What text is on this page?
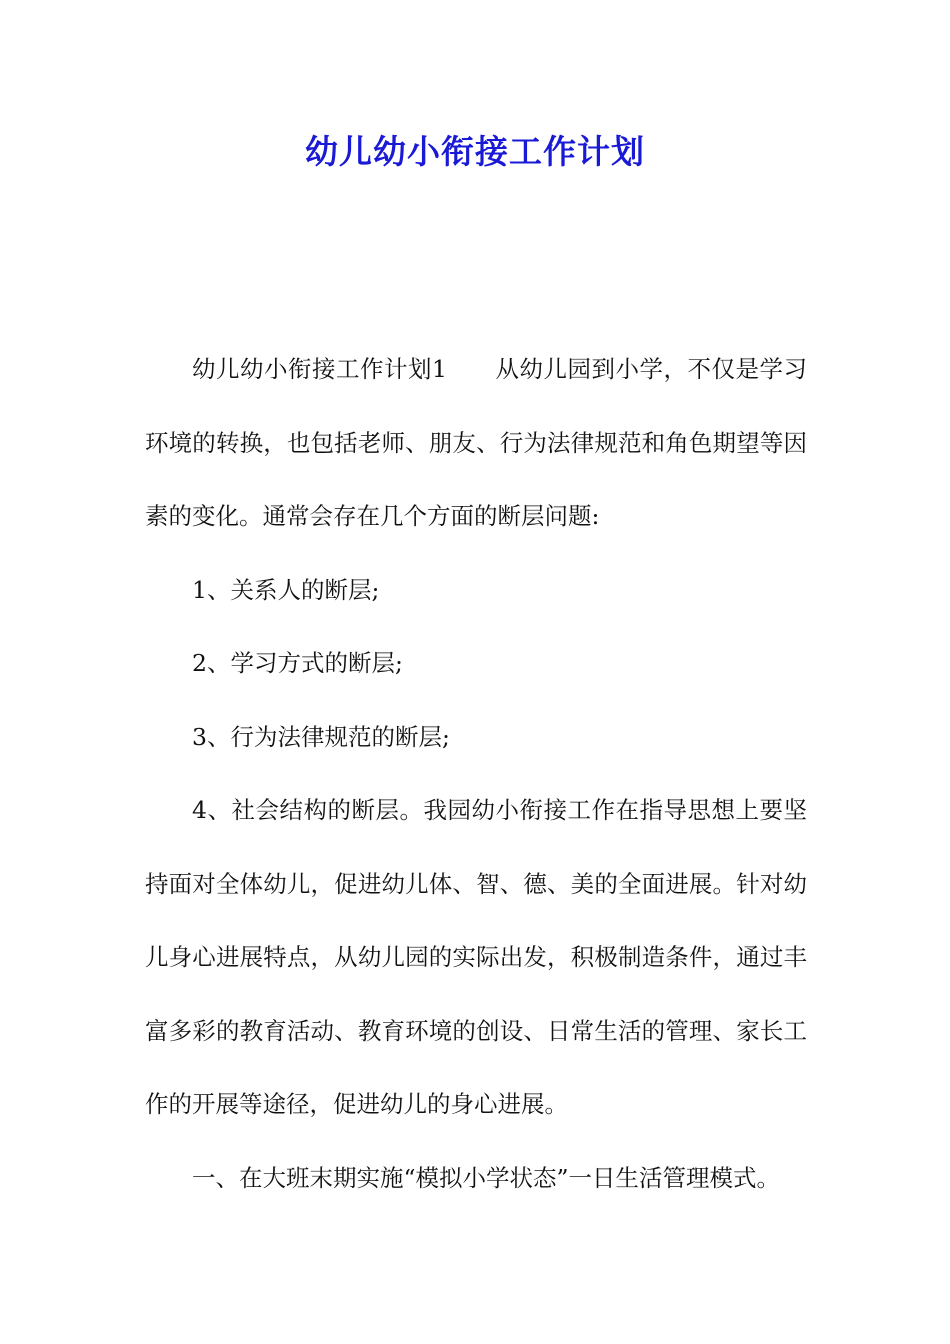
幼儿幼小衔接工作计划

幼儿幼小衔接工作计划1 从幼儿园到小学，不仅是学习环境的转换，也包括老师、朋友、行为法律规范和角色期望等因素的变化。通常会存在几个方面的断层问题:

1、关系人的断层;

2、学习方式的断层;

3、行为法律规范的断层;

4、社会结构的断层。我园幼小衔接工作在指导思想上要坚持面对全体幼儿，促进幼儿体、智、德、美的全面进展。针对幼儿身心进展特点，从幼儿园的实际出发，积极制造条件，通过丰富多彩的教育活动、教育环境的创设、日常生活的管理、家长工作的开展等途径，促进幼儿的身心进展。

一、在大班末期实施“模拟小学状态”一日生活管理模式。
